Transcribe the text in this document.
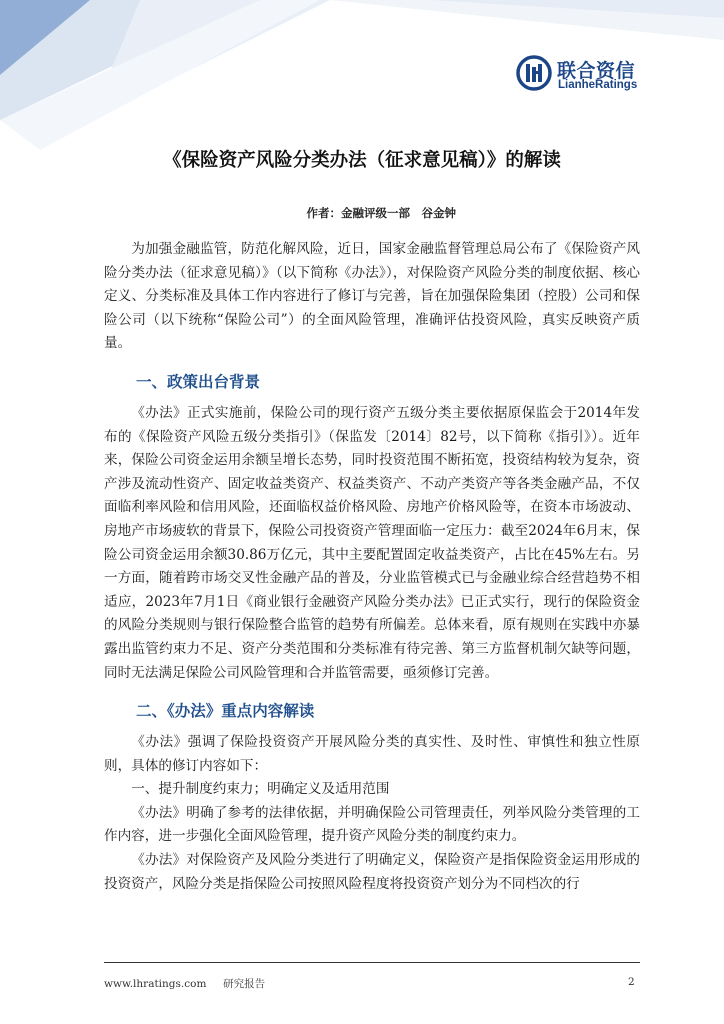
联合资信
LianheRatings
《保险资产风险分类办法（征求意见稿）》的解读
作者：金融评级一部　谷金钟

为加强金融监管，防范化解风险，近日，国家金融监督管理总局公布了《保险资产风险分类办法（征求意见稿）》（以下简称《办法》），对保险资产风险分类的制度依据、核心定义、分类标准及具体工作内容进行了修订与完善，旨在加强保险集团（控股）公司和保险公司（以下统称“保险公司”）的全面风险管理，准确评估投资风险，真实反映资产质量。

一、政策出台背景

《办法》正式实施前，保险公司的现行资产五级分类主要依据原保监会于2014年发布的《保险资产风险五级分类指引》（保监发〔2014〕82号，以下简称《指引》）。近年来，保险公司资金运用余额呈增长态势，同时投资范围不断拓宽，投资结构较为复杂，资产涉及流动性资产、固定收益类资产、权益类资产、不动产类资产等各类金融产品，不仅面临利率风险和信用风险，还面临权益价格风险、房地产价格风险等，在资本市场波动、房地产市场疲软的背景下，保险公司投资资产管理面临一定压力：截至2024年6月末，保险公司资金运用余额30.86万亿元，其中主要配置固定收益类资产，占比在45%左右。另一方面，随着跨市场交叉性金融产品的普及，分业监管模式已与金融业综合经营趋势不相适应，2023年7月1日《商业银行金融资产风险分类办法》已正式实行，现行的保险资金的风险分类规则与银行保险整合监管的趋势有所偏差。总体来看，原有规则在实践中亦暴露出监管约束力不足、资产分类范围和分类标准有待完善、第三方监督机制欠缺等问题，同时无法满足保险公司风险管理和合并监管需要，亟须修订完善。

二、《办法》重点内容解读

《办法》强调了保险投资资产开展风险分类的真实性、及时性、审慎性和独立性原则，具体的修订内容如下：

一、提升制度约束力；明确定义及适用范围

《办法》明确了参考的法律依据，并明确保险公司管理责任，列举风险分类管理的工作内容，进一步强化全面风险管理，提升资产风险分类的制度约束力。

《办法》对保险资产及风险分类进行了明确定义，保险资产是指保险资金运用形成的投资资产，风险分类是指保险公司按照风险程度将投资资产划分为不同档次的行

www.lhratings.com 研究报告	2
